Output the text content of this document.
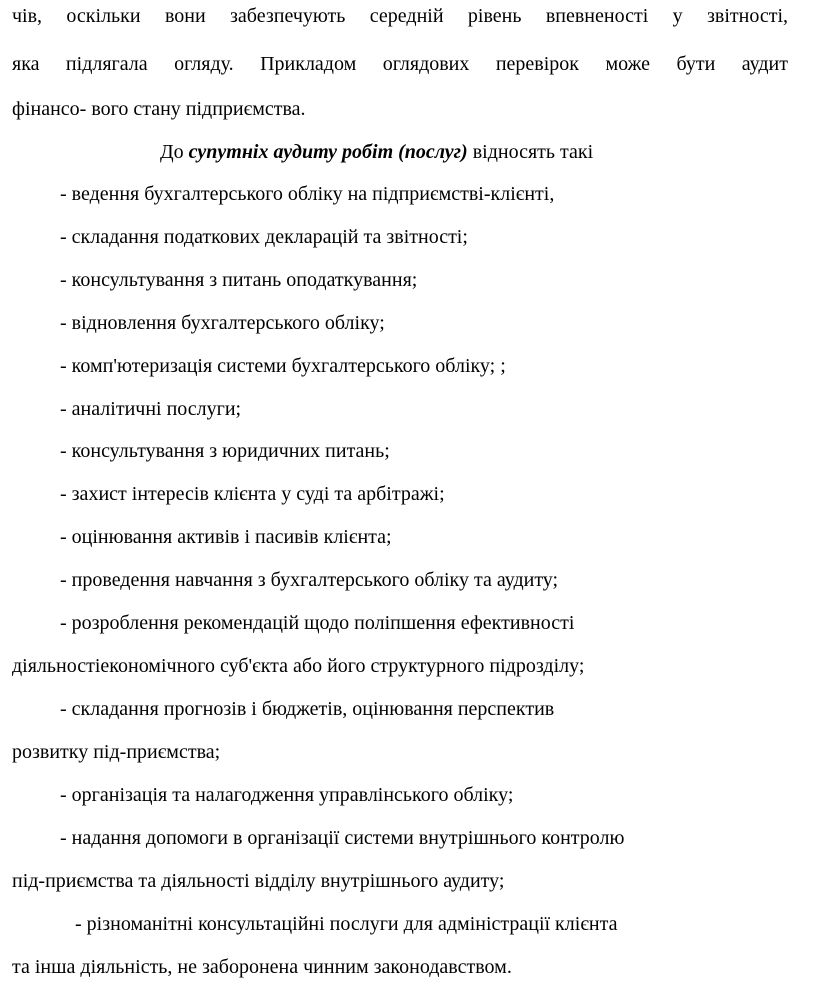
чів, оскільки вони забезпечують середній рівень впевненості у звітності,
яка підлягала огляду. Прикладом оглядових перевірок може бути аудит
фінансо- вого стану підприємства.
До супутніх аудиту робіт (послуг) відносять такі
- ведення бухгалтерського обліку на підприємстві-клієнті,
- складання податкових декларацій та звітності;
- консультування з питань оподаткування;
- відновлення бухгалтерського обліку;
- комп'ютеризація системи бухгалтерського обліку; ;
- аналітичні послуги;
- консультування з юридичних питань;
- захист інтересів клієнта у суді та арбітражі;
- оцінювання активів і пасивів клієнта;
- проведення навчання з бухгалтерського обліку та аудиту;
- розроблення рекомендацій щодо поліпшення ефективності
діяльностіекономічного суб'єкта або його структурного підрозділу;
- складання прогнозів і бюджетів, оцінювання перспектив
розвитку під-приємства;
- організація та налагодження управлінського обліку;
- надання допомоги в організації системи внутрішнього контролю
під-приємства та діяльності відділу внутрішнього аудиту;
- різноманітні консультаційні послуги для адміністрації клієнта
та інша діяльність, не заборонена чинним законодавством.
